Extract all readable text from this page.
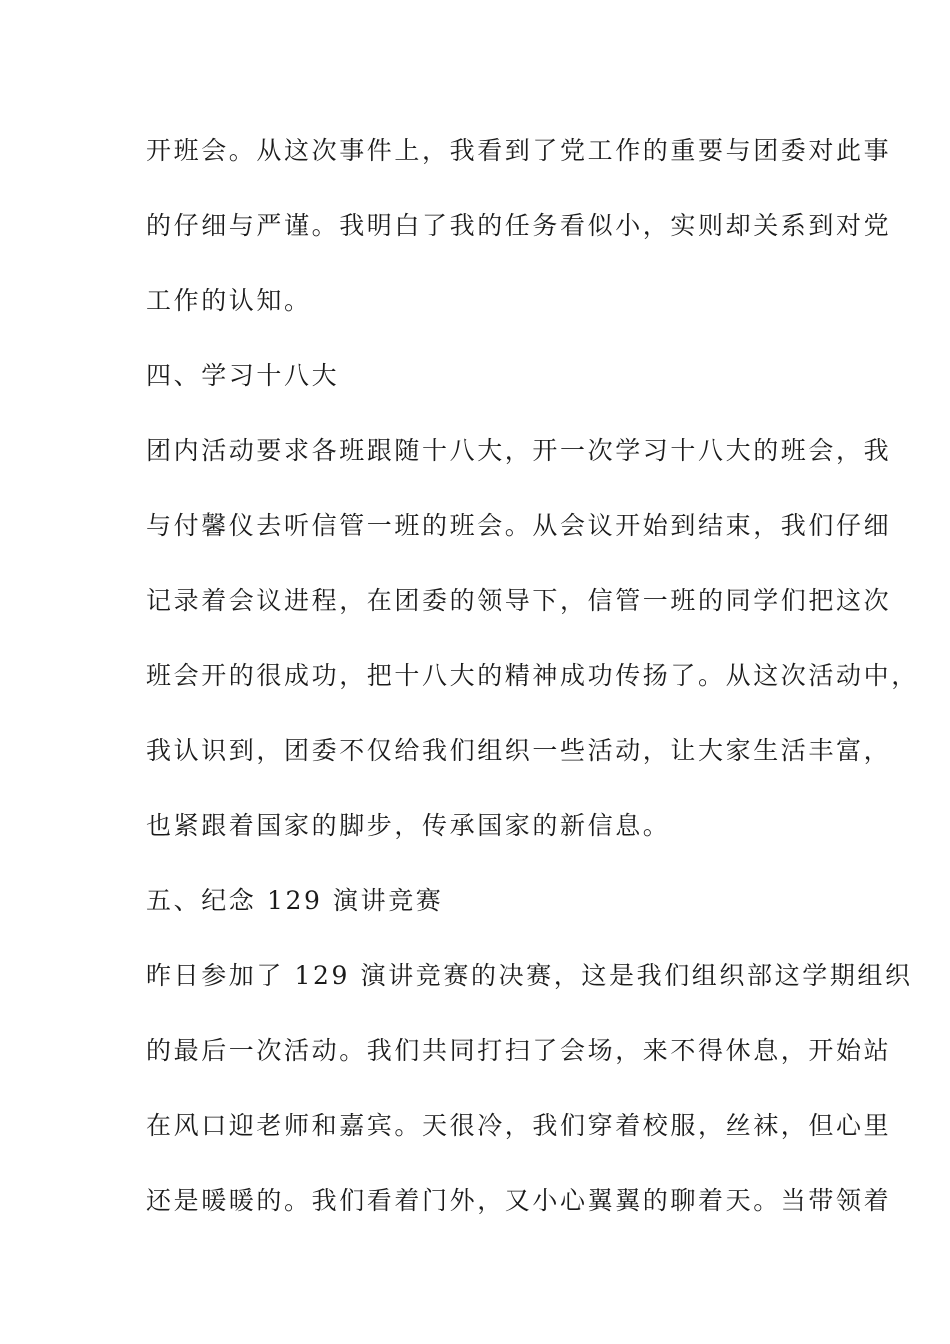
开班会。从这次事件上，我看到了党工作的重要与团委对此事
的仔细与严谨。我明白了我的任务看似小，实则却关系到对党
工作的认知。
四、学习十八大
团内活动要求各班跟随十八大，开一次学习十八大的班会，我
与付馨仪去听信管一班的班会。从会议开始到结束，我们仔细
记录着会议进程，在团委的领导下，信管一班的同学们把这次
班会开的很成功，把十八大的精神成功传扬了。从这次活动中，
我认识到，团委不仅给我们组织一些活动，让大家生活丰富，
也紧跟着国家的脚步，传承国家的新信息。
五、纪念 129 演讲竞赛
昨日参加了 129 演讲竞赛的决赛，这是我们组织部这学期组织
的最后一次活动。我们共同打扫了会场，来不得休息，开始站
在风口迎老师和嘉宾。天很冷，我们穿着校服，丝袜，但心里
还是暖暖的。我们看着门外，又小心翼翼的聊着天。当带领着
